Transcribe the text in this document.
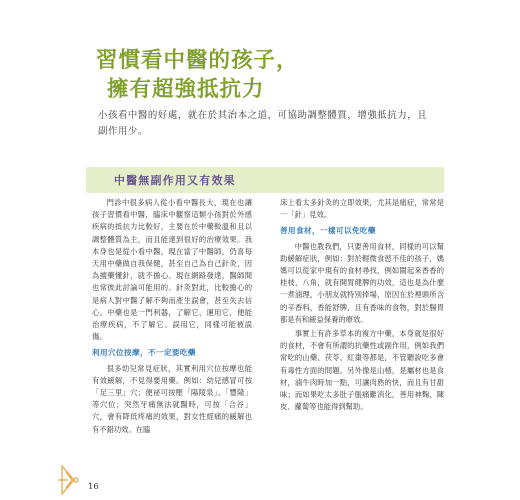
習慣看中醫的孩子，
擁有超強抵抗力
小孩看中醫的好處，就在於其治本之道，可協助調整體質，增強抵抗力，且副作用少。
中醫無副作用又有效果

門診中很多病人從小看中醫長大，現在也讓孩子習慣看中醫，臨床中觀察這類小孩對於外感疾病的抵抗力比較好，主要在於中藥較溫和且以調整體質為主，而且能達到很好的治療效果。我本身也是從小看中醫，現在當了中醫師，仍喜每天用中藥做自我保健，甚至自己為自己針灸，因為擅藥懂針，就不擔心。現在網路發達，醫師間也常彼此討論可能用的。針灸對此，比較擔心的是病人對中醫了解不夠而產生誤會，甚至失去信心。中藥也是一門利器，了解它、運用它，便能治療疾病，不了解它、誤用它，同樣可能被誤傷。

利用穴位按摩，不一定要吃藥

很多幼兒常見症狀，其實利用穴位按摩也能有效緩解，不見得要用藥。例如：幼兒感冒可按「足三里」穴；便祕可按壓「陽陵泉」、「豐隆」等穴位；突然牙痛無法就醫時，可按「合谷」穴，會有降低疼痛的效果，對女性經痛的緩解也有不錯功效。在臨

床上看太多針灸的立即效果，尤其是痛症，常常是一「針」見效。

善用食材，一樣可以免吃藥

中醫也教我們，只要善用食材，同樣的可以幫助緩解症狀，例如：對於輕微食慾不佳的孩子，媽媽可以從家中現有的食材尋找，例如閩起來香香的桂枝、八角，就有開胃健脾的功效，這也是為什麼一煮滷理，小朋友就特別捧場，原因在於裡頭所含的辛香料，香能舒脾，且有香味的食物，對於腸胃都是有和緩益保養的療效。

事實上有許多草本的複方中藥，本身就是很好的食材，不會有所謂的抗藥性或副作用，例如我們常吃的山藥、茯苓、紅棗等都是，不管聽說吃多會有毒性方面的問題。另外像是山楂，是屬材也是食材，滷牛肉時加一點，可讓肉熟的快，而且有甘甜味；而如果吃太多肚子脹痛難消化，善用神麴、陳皮、蘿蔔等也能得到幫助。

16
